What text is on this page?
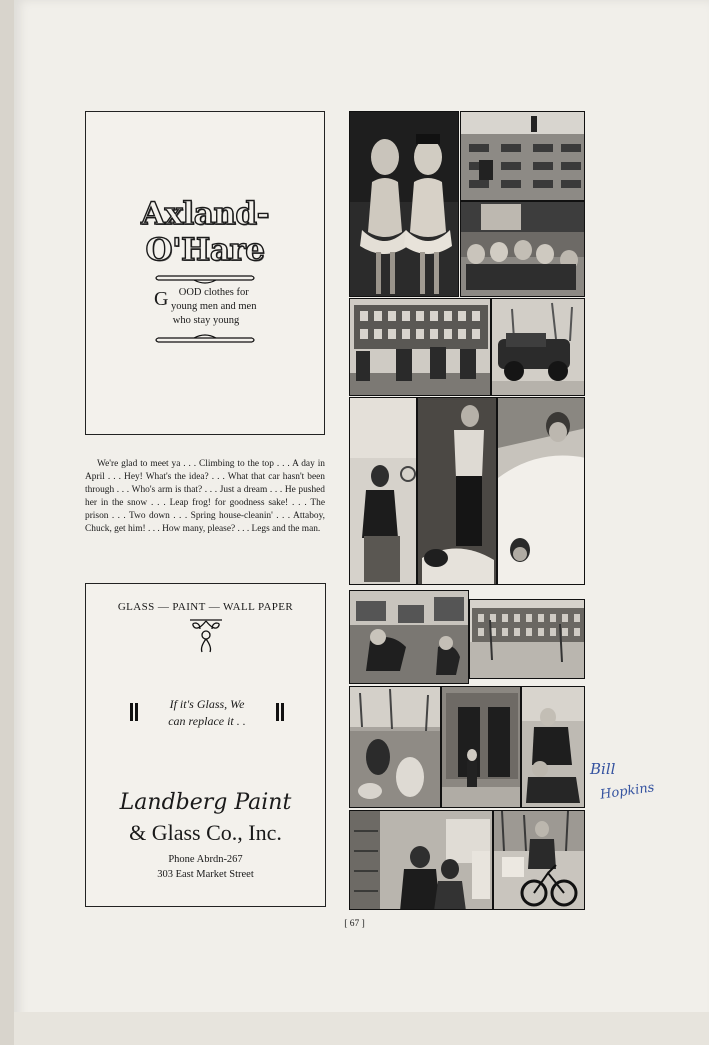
Axland-O'Hare
GOOD clothes for young men and men who stay young
We're glad to meet ya . . . Climbing to the top . . . A day in April . . . Hey! What's the idea? . . . What that car hasn't been through . . . Who's arm is that? . . . Just a dream . . . He pushed her in the snow . . . Leap frog! for goodness sake! . . . The prison . . . Two down . . . Spring house-cleanin' . . . Attaboy, Chuck, get him! . . . How many, please? . . . Legs and the man.
GLASS — PAINT — WALL PAPER
If it's Glass, We
can replace it . .
Landberg Paint
& Glass Co., Inc.
Phone Abrdn-267
303 East Market Street
Bill
Hopkins
[ 67 ]
